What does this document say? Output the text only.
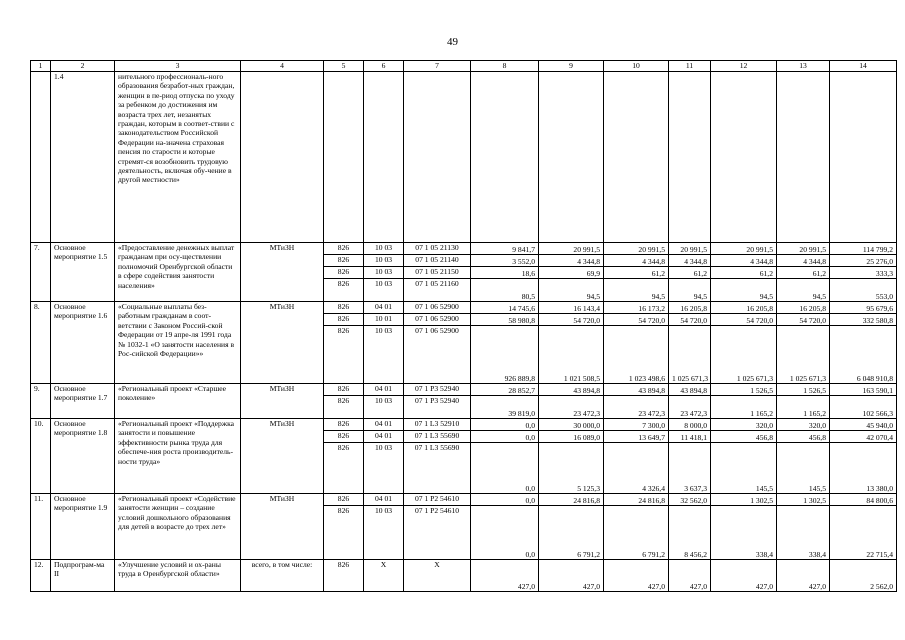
49
1	2	3	4	5	6	7	8	9	10	11	12	13	14
	1.4	нительного профессиональ-ного образования безработ-ных граждан, женщин в пе-риод отпуска по уходу за ребенком до достижения им возраста трех лет, незанятых граждан, которым в соответ-ствии с законодательством Российской Федерации на-значена страховая пенсия по старости и которые стремят-ся возобновить трудовую деятельность, включая обу-чение в другой местности»											
7.	Основное мероприятие 1.5	«Предоставление денежных выплат гражданам при осу-ществлении полномочий Оренбургской области в сфере содействия занятости населения»	МТиЗН	826	10 03	07 1 05 21130	9 841,7	20 991,5	20 991,5	20 991,5	20 991,5	20 991,5	114 799,2
				826	10 03	07 1 05 21140	3 552,0	4 344,8	4 344,8	4 344,8	4 344,8	4 344,8	25 276,0
				826	10 03	07 1 05 21150	18,6	69,9	61,2	61,2	61,2	61,2	333,3
				826	10 03	07 1 05 21160	80,5	94,5	94,5	94,5	94,5	94,5	553,0
8.	Основное мероприятие 1.6	«Социальные выплаты без-работным гражданам в соот-ветствии с Законом Россий-ской Федерации от 19 апре-ля 1991 года № 1032-1 «О занятости населения в Рос-сийской Федерации»»	МТиЗН	826	04 01	07 1 06 52900	14 745,6	16 143,4	16 173,2	16 205,8	16 205,8	16 205,8	95 679,6
				826	10 01	07 1 06 52900	58 980,8	54 720,0	54 720,0	54 720,0	54 720,0	54 720,0	332 580,8
				826	10 03	07 1 06 52900	926 889,8	1 021 508,5	1 023 498,6	1 025 671,3	1 025 671,3	1 025 671,3	6 048 910,8
9.	Основное мероприятие 1.7	«Региональный проект «Старшее поколение»	МТиЗН	826	04 01	07 1 P3 52940	28 852,7	43 894,8	43 894,8	43 894,8	1 526,5	1 526,5	163 590,1
				826	10 03	07 1 P3 52940	39 819,0	23 472,3	23 472,3	23 472,3	1 165,2	1 165,2	102 566,3
10.	Основное мероприятие 1.8	«Региональный проект «Поддержка занятости и повышение эффективности рынка труда для обеспече-ния роста производитель-ности труда»	МТиЗН	826	04 01	07 1 L3 52910	0,0	30 000,0	7 300,0	8 000,0	320,0	320,0	45 940,0
				826	04 01	07 1 L3 55690	0,0	16 089,0	13 649,7	11 418,1	456,8	456,8	42 070,4
				826	10 03	07 1 L3 55690	0,0	5 125,3	4 326,4	3 637,3	145,5	145,5	13 380,0
11.	Основное мероприятие 1.9	«Региональный проект «Содействие занятости женщин – создание условий дошкольного образования для детей в возрасте до трех лет»	МТиЗН	826	04 01	07 1 P2 54610	0,0	24 816,8	24 816,8	32 562,0	1 302,5	1 302,5	84 800,6
				826	10 03	07 1 P2 54610	0,0	6 791,2	6 791,2	8 456,2	338,4	338,4	22 715,4
12.	Подпрограм-ма II	«Улучшение условий и ох-раны труда в Оренбургской области»	всего, в том числе:	826	Х	Х	427,0	427,0	427,0	427,0	427,0	427,0	2 562,0
